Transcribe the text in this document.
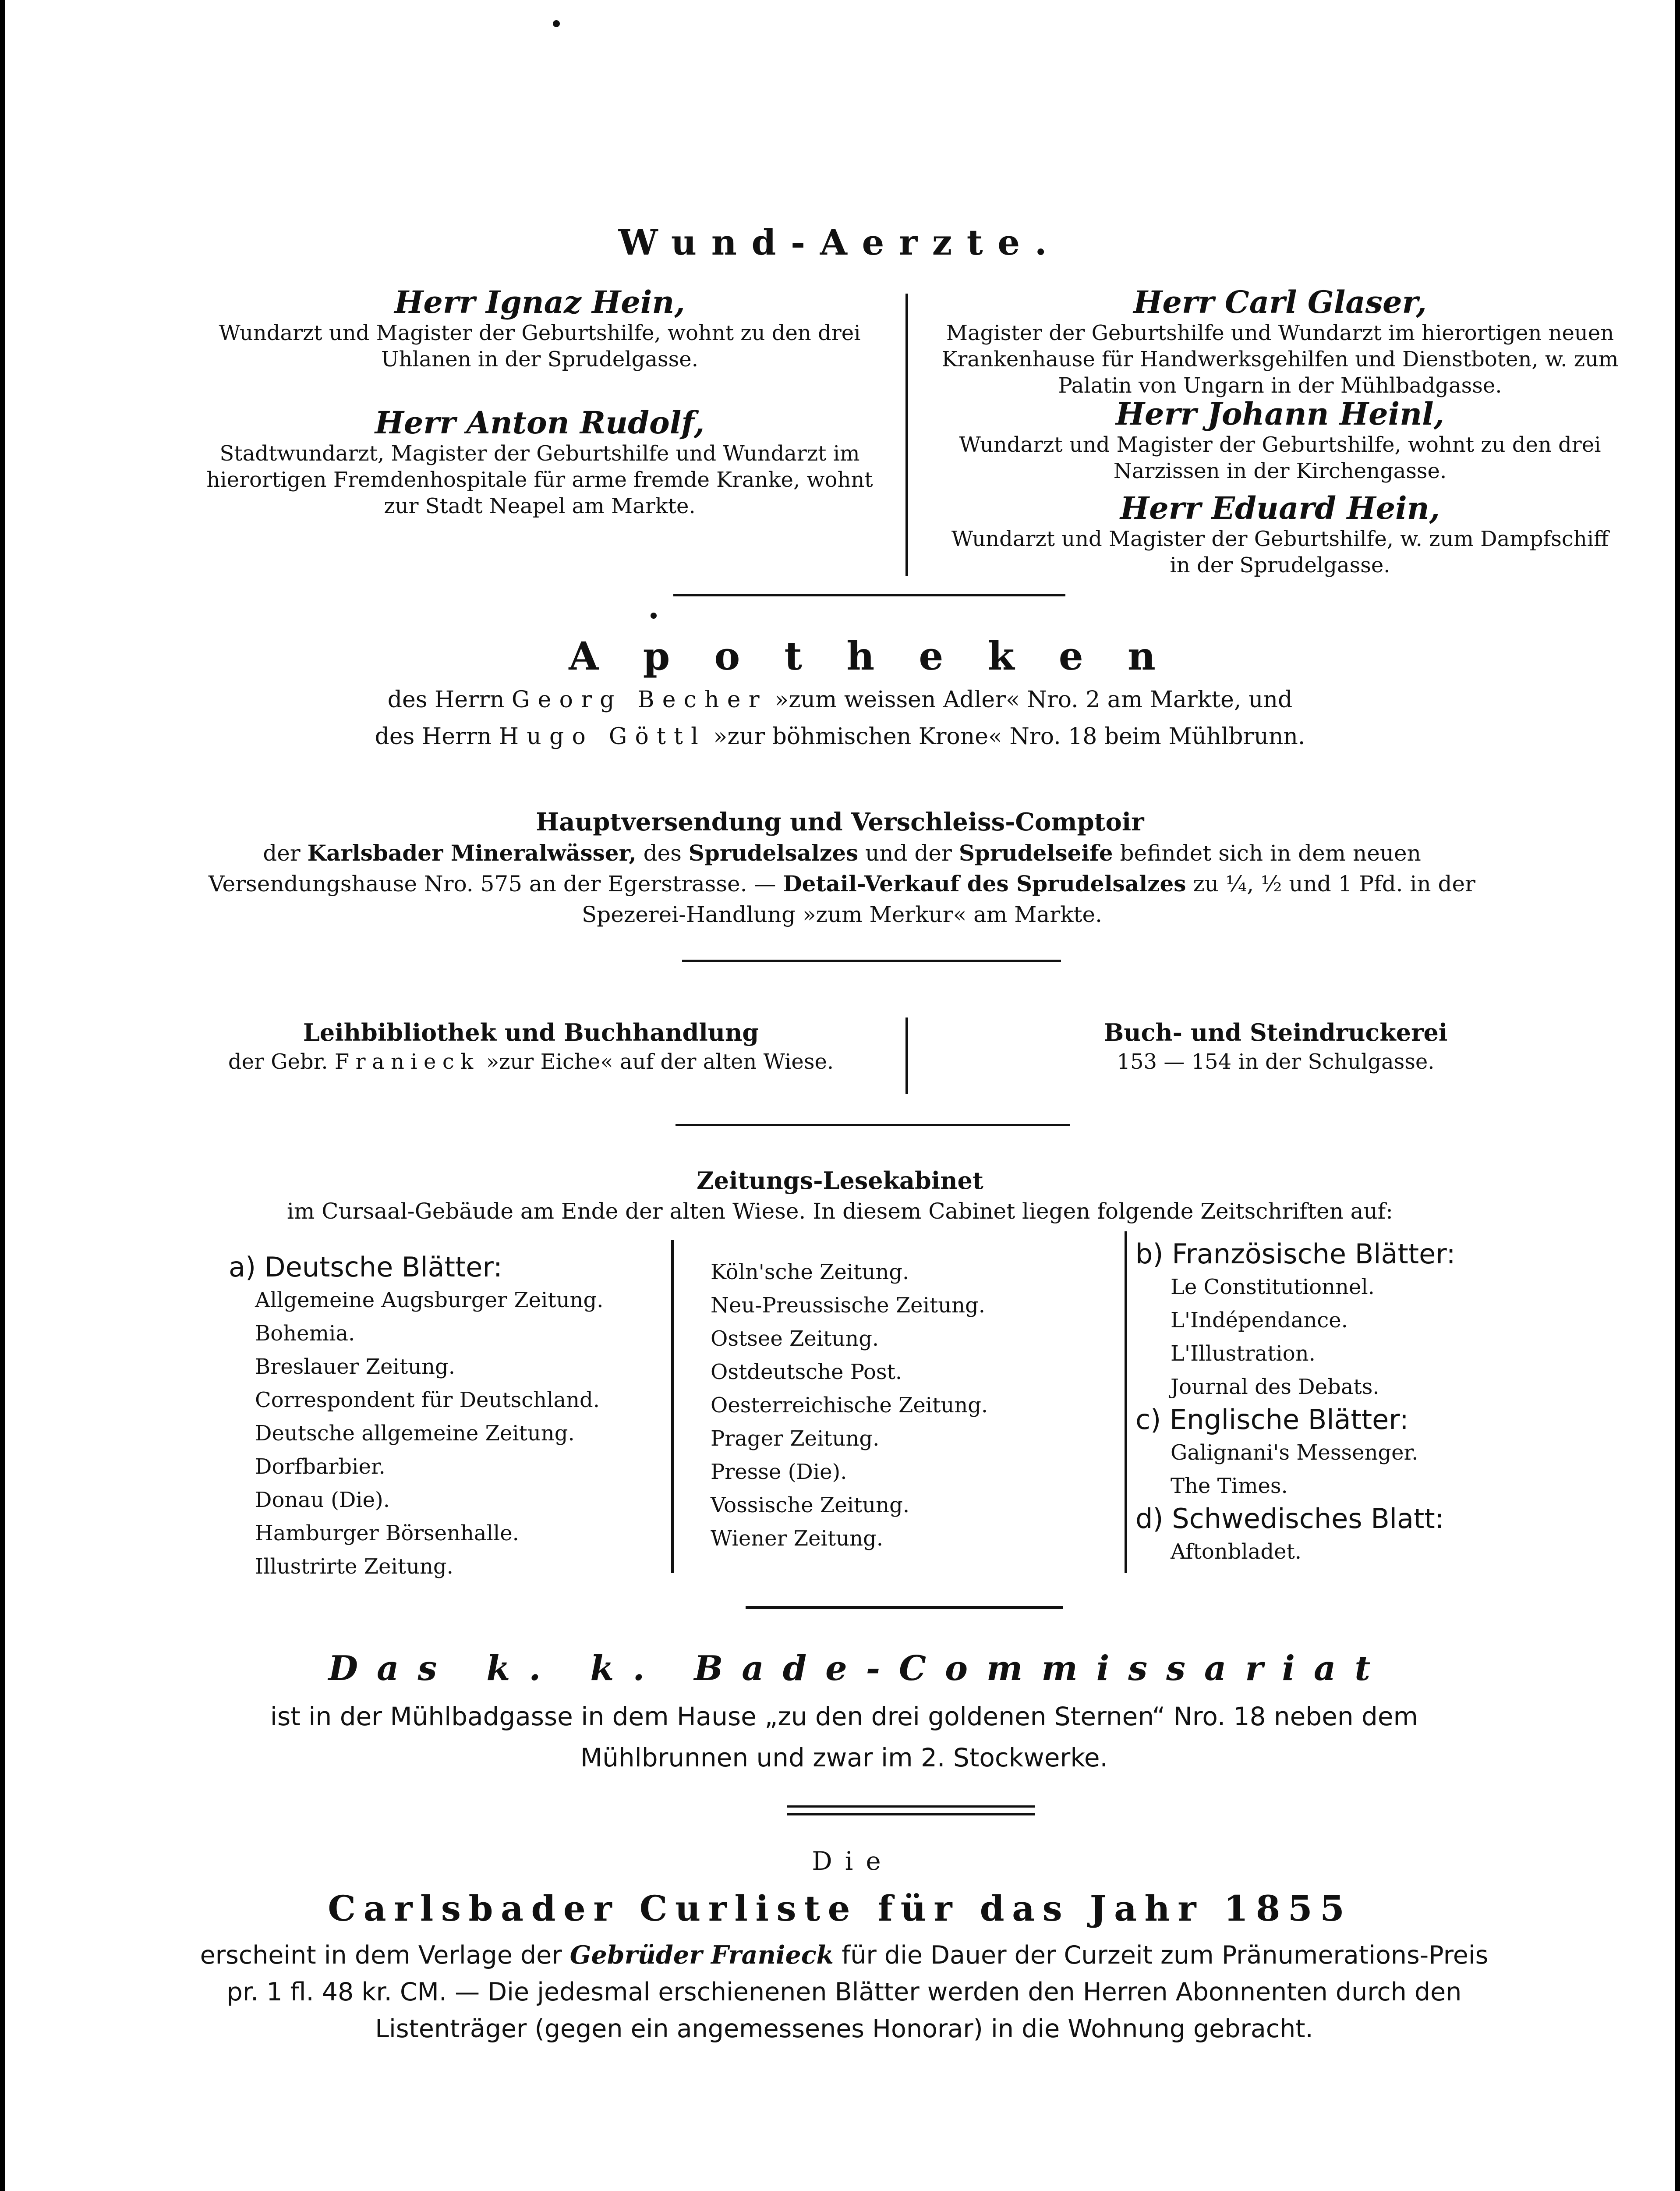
Wund-Aerzte.
Herr Ignaz Hein,
Wundarzt und Magister der Geburtshilfe, wohnt zu den drei Uhlanen in der Sprudelgasse.
Herr Anton Rudolf,
Stadtwundarzt, Magister der Geburtshilfe und Wundarzt im hierortigen Fremdenhospitale für arme fremde Kranke, wohnt zur Stadt Neapel am Markte.
Herr Carl Glaser,
Magister der Geburtshilfe und Wundarzt im hierortigen neuen Krankenhause für Handwerksgehilfen und Dienstboten, w. zum Palatin von Ungarn in der Mühlbadgasse.
Herr Johann Heinl,
Wundarzt und Magister der Geburtshilfe, wohnt zu den drei Narzissen in der Kirchengasse.
Herr Eduard Hein,
Wundarzt und Magister der Geburtshilfe, w. zum Dampfschiff in der Sprudelgasse.
Apotheken
des Herrn Georg Becher »zum weissen Adler« Nro. 2 am Markte, und
des Herrn Hugo Göttl »zur böhmischen Krone« Nro. 18 beim Mühlbrunn.
Hauptversendung und Verschleiss-Comptoir
der Karlsbader Mineralwässer, des Sprudelsalzes und der Sprudelseife befindet sich in dem neuen Versendungshause Nro. 575 an der Egerstrasse. — Detail-Verkauf des Sprudelsalzes zu ¼, ½ und 1 Pfd. in der Spezerei-Handlung »zum Merkur« am Markte.
Leihbibliothek und Buchhandlung
der Gebr. Franieck »zur Eiche« auf der alten Wiese.
Buch- und Steindruckerei
153 — 154 in der Schulgasse.
Zeitungs-Lesekabinet
im Cursaal-Gebäude am Ende der alten Wiese. In diesem Cabinet liegen folgende Zeitschriften auf:
a) Deutsche Blätter:
Allgemeine Augsburger Zeitung.
Bohemia.
Breslauer Zeitung.
Correspondent für Deutschland.
Deutsche allgemeine Zeitung.
Dorfbarbier.
Donau (Die).
Hamburger Börsenhalle.
Illustrirte Zeitung.
Köln'sche Zeitung.
Neu-Preussische Zeitung.
Ostsee Zeitung.
Ostdeutsche Post.
Oesterreichische Zeitung.
Prager Zeitung.
Presse (Die).
Vossische Zeitung.
Wiener Zeitung.
b) Französische Blätter:
Le Constitutionnel.
L'Indépendance.
L'Illustration.
Journal des Debats.
c) Englische Blätter:
Galignani's Messenger.
The Times.
d) Schwedisches Blatt:
Aftonbladet.
Das k. k. Bade-Commissariat
ist in der Mühlbadgasse in dem Hause „zu den drei goldenen Sternen“ Nro. 18 neben dem Mühlbrunnen und zwar im 2. Stockwerke.
Die
Carlsbader Curliste für das Jahr 1855
erscheint in dem Verlage der Gebrüder Franieck für die Dauer der Curzeit zum Pränumerations-Preis pr. 1 fl. 48 kr. CM. — Die jedesmal erschienenen Blätter werden den Herren Abonnenten durch den Listenträger (gegen ein angemessenes Honorar) in die Wohnung gebracht.
